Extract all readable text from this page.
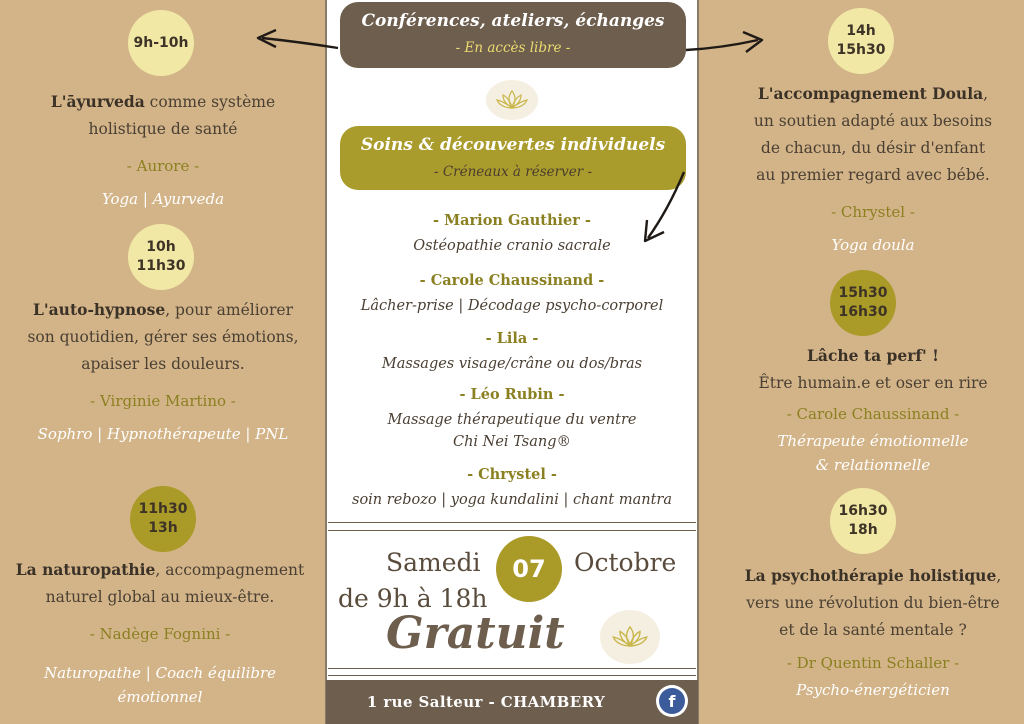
9h-10h
L'āyurveda comme système
holistique de santé
- Aurore -
Yoga | Ayurveda
10h
11h30
L'auto-hypnose, pour améliorer
son quotidien, gérer ses émotions,
apaiser les douleurs.
- Virginie Martino -
Sophro | Hypnothérapeute | PNL
11h30
13h
La naturopathie, accompagnement
naturel global au mieux-être.
- Nadège Fognini -
Naturopathe | Coach équilibre
émotionnel
14h
15h30
L'accompagnement Doula,
un soutien adapté aux besoins
de chacun, du désir d'enfant
au premier regard avec bébé.
- Chrystel -
Yoga doula
15h30
16h30
Lâche ta perf' !
Être humain.e et oser en rire
- Carole Chaussinand -
Thérapeute émotionnelle
& relationnelle
16h30
18h
La psychothérapie holistique,
vers une révolution du bien-être
et de la santé mentale ?
- Dr Quentin Schaller -
Psycho-énergéticien
Conférences, ateliers, échanges
- En accès libre -
Soins & découvertes individuels
- Créneaux à réserver -
- Marion Gauthier -
Ostéopathie cranio sacrale
- Carole Chaussinand -
Lâcher-prise | Décodage psycho-corporel
- Lila -
Massages visage/crâne ou dos/bras
- Léo Rubin -
Massage thérapeutique du ventre
Chi Nei Tsang®
- Chrystel -
soin rebozo | yoga kundalini | chant mantra
Samedi 07 Octobre
de 9h à 18h
Gratuit
1 rue Salteur - CHAMBERY	f
